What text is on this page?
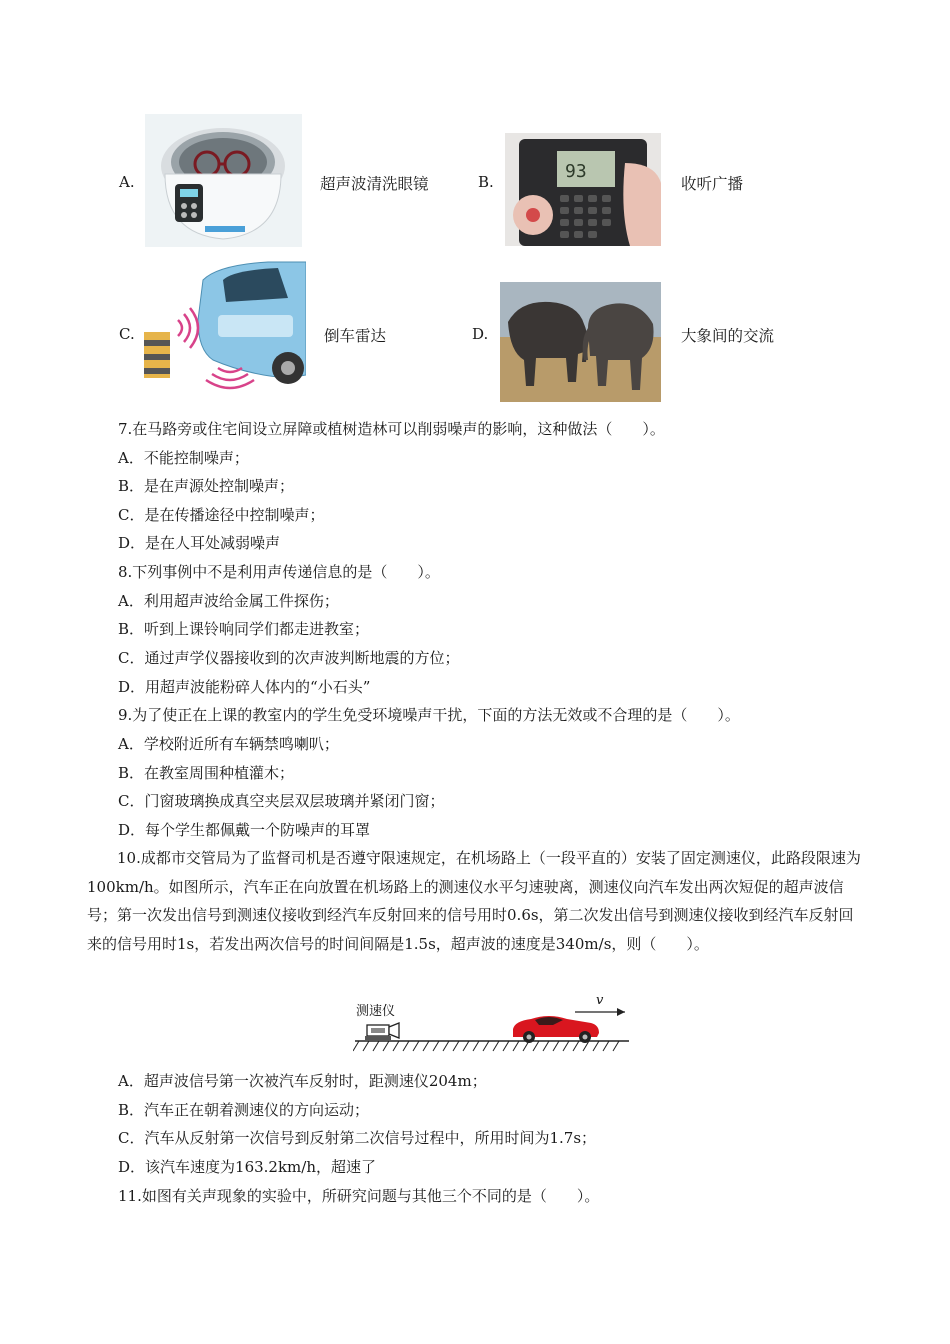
A.	超声波清洗眼镜	B.	93
收听广播
C.	倒车雷达	D.	大象间的交流
7.在马路旁或住宅间设立屏障或植树造林可以削弱噪声的影响，这种做法（　　）。
A．不能控制噪声；
B．是在声源处控制噪声；
C．是在传播途径中控制噪声；
D．是在人耳处减弱噪声
8.下列事例中不是利用声传递信息的是（　　）。
A．利用超声波给金属工件探伤；
B．听到上课铃响同学们都走进教室；
C．通过声学仪器接收到的次声波判断地震的方位；
D．用超声波能粉碎人体内的“小石头”
9.为了使正在上课的教室内的学生免受环境噪声干扰，下面的方法无效或不合理的是（　　）。
A．学校附近所有车辆禁鸣喇叭；
B．在教室周围种植灌木；
C．门窗玻璃换成真空夹层双层玻璃并紧闭门窗；
D．每个学生都佩戴一个防噪声的耳罩
10.成都市交管局为了监督司机是否遵守限速规定，在机场路上（一段平直的）安装了固定测速仪，此路段限速为100km/h。如图所示，汽车正在向放置在机场路上的测速仪水平匀速驶离，测速仪向汽车发出两次短促的超声波信号；第一次发出信号到测速仪接收到经汽车反射回来的信号用时0.6s，第二次发出信号到测速仪接收到经汽车反射回来的信号用时1s，若发出两次信号的时间间隔是1.5s，超声波的速度是340m/s，则（　　）。
测速仪
v
A．超声波信号第一次被汽车反射时，距测速仪204m；
B．汽车正在朝着测速仪的方向运动；
C．汽车从反射第一次信号到反射第二次信号过程中，所用时间为1.7s；
D．该汽车速度为163.2km/h，超速了
11.如图有关声现象的实验中，所研究问题与其他三个不同的是（　　）。
